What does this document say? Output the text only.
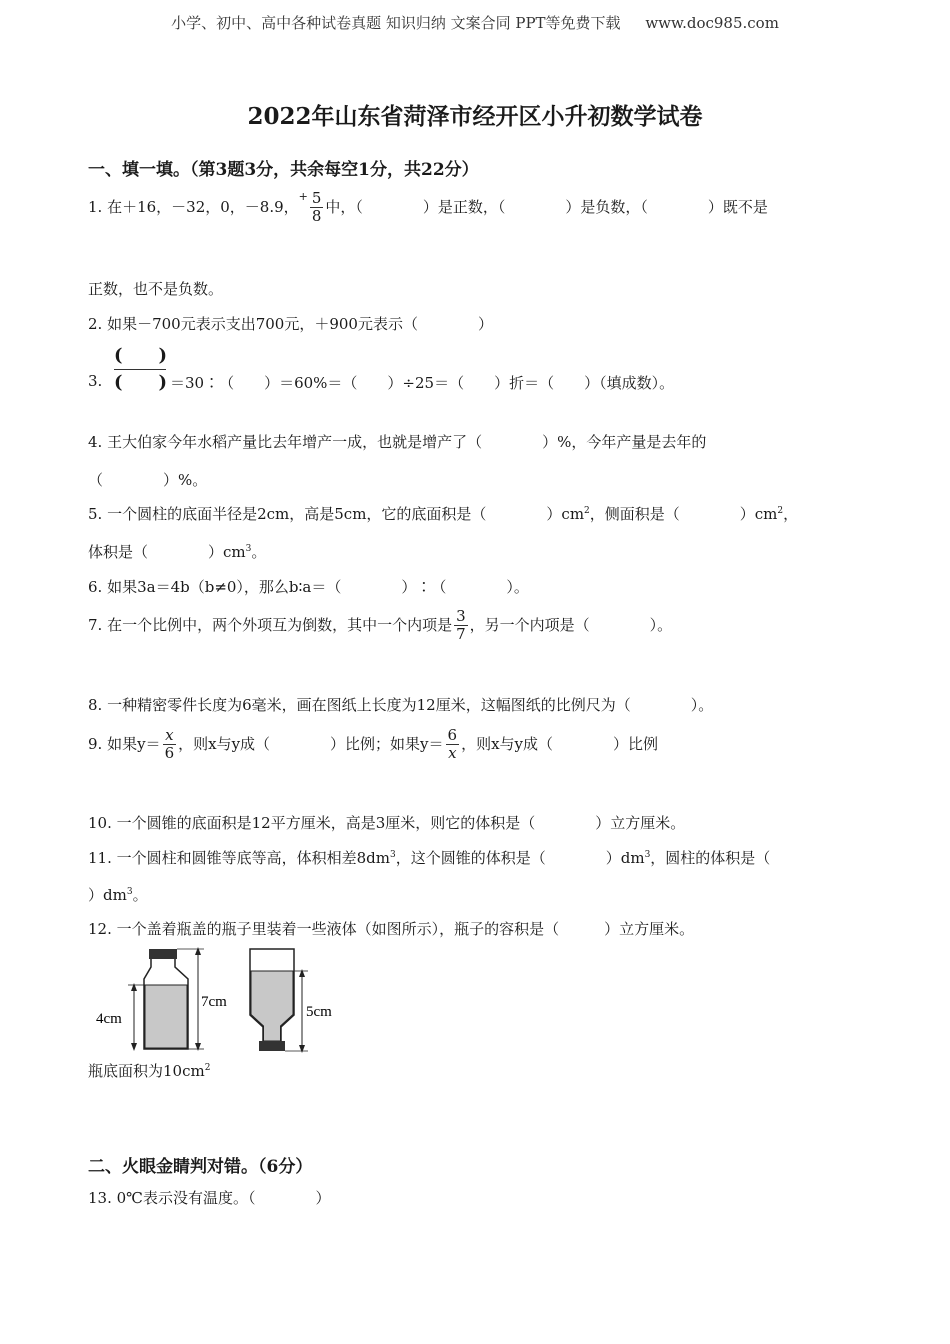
小学、初中、高中各种试卷真题 知识归纳 文案合同 PPT等免费下载 www.doc985.com
2022年山东省菏泽市经开区小升初数学试卷
一、填一填。（第3题3分，共余每空1分，共22分）
1. 在＋16，－32，0，－8.9，$^+ \frac{5}{8}$ 中，（　　　　）是正数，（　　　　）是负数，（　　　　）既不是
正数，也不是负数。
2. 如果－700元表示支出700元，＋900元表示（　　　　）
3.
(　　)
(　　) ＝30∶（　　）＝60%＝（　　）÷25＝（　　）折＝（　　）（填成数）。
4. 王大伯家今年水稻产量比去年增产一成，也就是增产了（　　　　）%，今年产量是去年的
（　　　　）%。
5. 一个圆柱的底面半径是2cm，高是5cm，它的底面积是（　　　　）$cm^2$，侧面积是（　　　　）$cm^2$，
体积是（　　　　）$cm^3$。
6. 如果3a＝4b（b≠0），那么b∶a＝（　　　　）∶（　　　　）。
7. 在一个比例中，两个外项互为倒数，其中一个内项是 $\frac{3}{7}$ ，另一个内项是（　　　　）。
8. 一种精密零件长度为6毫米，画在图纸上长度为12厘米，这幅图纸的比例尺为（　　　　）。
9. 如果$y= \frac{x}{6}$ ，则x与y成（　　　　）比例；如果$y= \frac{6}{x}$ ，则x与y成（　　　　）比例
10. 一个圆锥的底面积是12平方厘米，高是3厘米，则它的体积是（　　　　）立方厘米。
11. 一个圆柱和圆锥等底等高，体积相差$8dm^3$，这个圆锥的体积是（　　　　）$dm^3$，圆柱的体积是（
）$dm^3$。
12. 一个盖着瓶盖的瓶子里装着一些液体（如图所示），瓶子的容积是（　　　）立方厘米。
4cm
7cm
5cm
瓶底面积为$10cm^2$
二、火眼金睛判对错。（6分）
13. 0℃表示没有温度。（　　　　）
